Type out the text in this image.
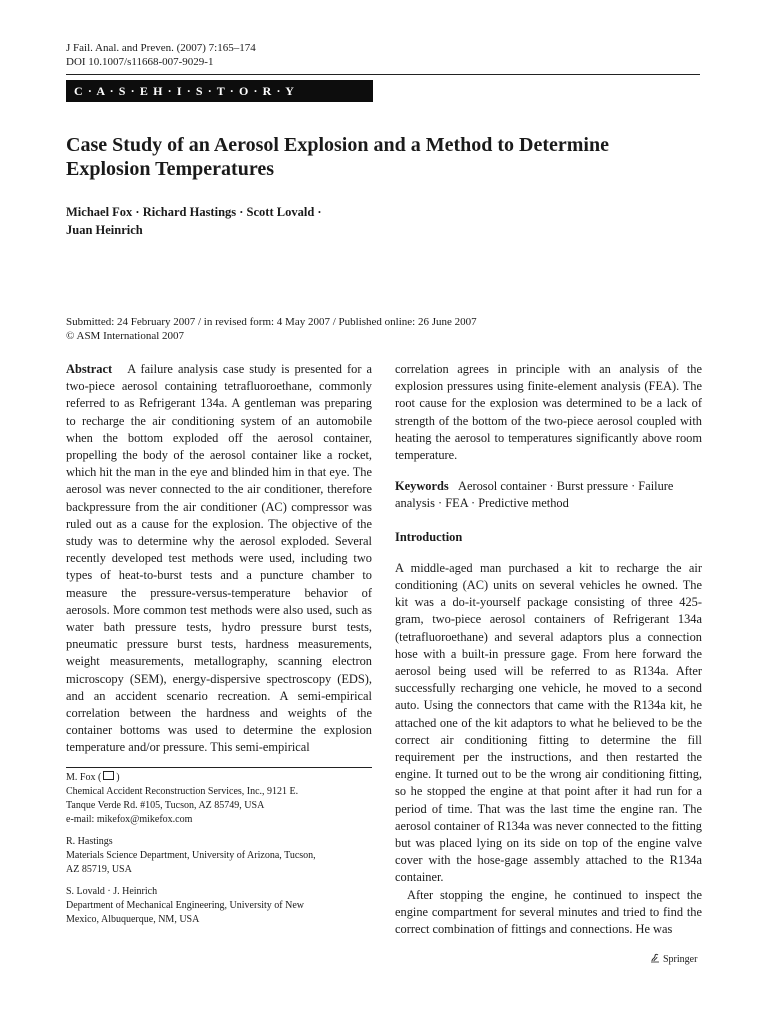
J Fail. Anal. and Preven. (2007) 7:165–174
DOI 10.1007/s11668-007-9029-1
C · A · S · E H · I · S · T · O · R · Y
Case Study of an Aerosol Explosion and a Method to Determine Explosion Temperatures
Michael Fox · Richard Hastings · Scott Lovald ·
Juan Heinrich
Submitted: 24 February 2007 / in revised form: 4 May 2007 / Published online: 26 June 2007
© ASM International 2007

Abstract A failure analysis case study is presented for a two-piece aerosol containing tetrafluoroethane, commonly referred to as Refrigerant 134a. A gentleman was preparing to recharge the air conditioning system of an automobile when the bottom exploded off the aerosol container, propelling the body of the aerosol container like a rocket, which hit the man in the eye and blinded him in that eye. The aerosol was never connected to the air conditioner, therefore backpressure from the air conditioner (AC) compressor was ruled out as a cause for the explosion. The objective of the study was to determine why the aerosol exploded. Several recently developed test methods were used, including two types of heat-to-burst tests and a puncture chamber to measure the pressure-versus-temperature behavior of aerosols. More common test methods were also used, such as water bath pressure tests, hydro pressure burst tests, pneumatic pressure burst tests, hardness measurements, weight measurements, metallography, scanning electron microscopy (SEM), energy-dispersive spectroscopy (EDS), and an accident scenario recreation. A semi-empirical correlation between the hardness and weights of the container bottoms was used to determine the explosion temperature and/or pressure. This semi-empirical

M. Fox ( )
Chemical Accident Reconstruction Services, Inc., 9121 E.
Tanque Verde Rd. #105, Tucson, AZ 85749, USA
e-mail: mikefox@mikefox.com
R. Hastings
Materials Science Department, University of Arizona, Tucson,
AZ 85719, USA
S. Lovald · J. Heinrich
Department of Mechanical Engineering, University of New
Mexico, Albuquerque, NM, USA

correlation agrees in principle with an analysis of the explosion pressures using finite-element analysis (FEA). The root cause for the explosion was determined to be a lack of strength of the bottom of the two-piece aerosol coupled with heating the aerosol to temperatures significantly above room temperature.

Keywords Aerosol container · Burst pressure · Failure analysis · FEA · Predictive method

Introduction

A middle-aged man purchased a kit to recharge the air conditioning (AC) units on several vehicles he owned. The kit was a do-it-yourself package consisting of three 425-gram, two-piece aerosol containers of Refrigerant 134a (tetrafluoroethane) and several adaptors plus a connection hose with a built-in pressure gage. From here forward the aerosol being used will be referred to as R134a. After successfully recharging one vehicle, he moved to a second auto. Using the connectors that came with the R134a kit, he attached one of the kit adaptors to what he believed to be the correct air conditioning fitting to determine the fill requirement per the instructions, and then restarted the engine. It turned out to be the wrong air conditioning fitting, so he stopped the engine at that point after it had run for a period of time. That was the last time the engine ran. The aerosol container of R134a was never connected to the fitting but was placed lying on its side on top of the engine valve cover with the hose-gage assembly attached to the R134a container.

After stopping the engine, he continued to inspect the engine compartment for several minutes and tried to find the correct combination of fittings and connections. He was

Springer
